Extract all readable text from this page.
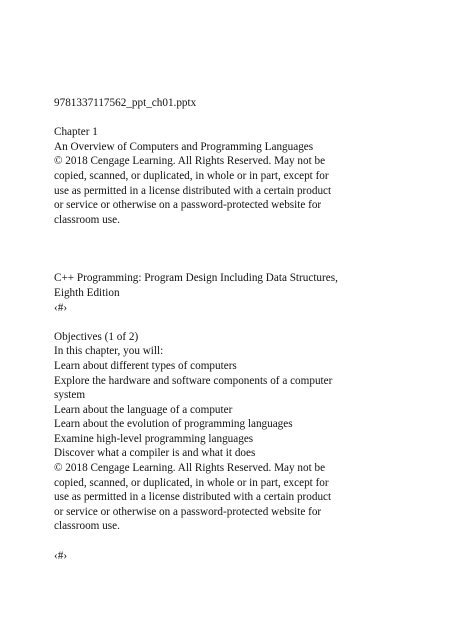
9781337117562_ppt_ch01.pptx
Chapter 1
An Overview of Computers and Programming Languages
© 2018 Cengage Learning. All Rights Reserved. May not be
copied, scanned, or duplicated, in whole or in part, except for
use as permitted in a license distributed with a certain product
or service or otherwise on a password-protected website for
classroom use.
C++ Programming: Program Design Including Data Structures,
Eighth Edition
‹#›
Objectives (1 of 2)
In this chapter, you will:
Learn about different types of computers
Explore the hardware and software components of a computer
system
Learn about the language of a computer
Learn about the evolution of programming languages
Examine high-level programming languages
Discover what a compiler is and what it does
© 2018 Cengage Learning. All Rights Reserved. May not be
copied, scanned, or duplicated, in whole or in part, except for
use as permitted in a license distributed with a certain product
or service or otherwise on a password-protected website for
classroom use.
‹#›
